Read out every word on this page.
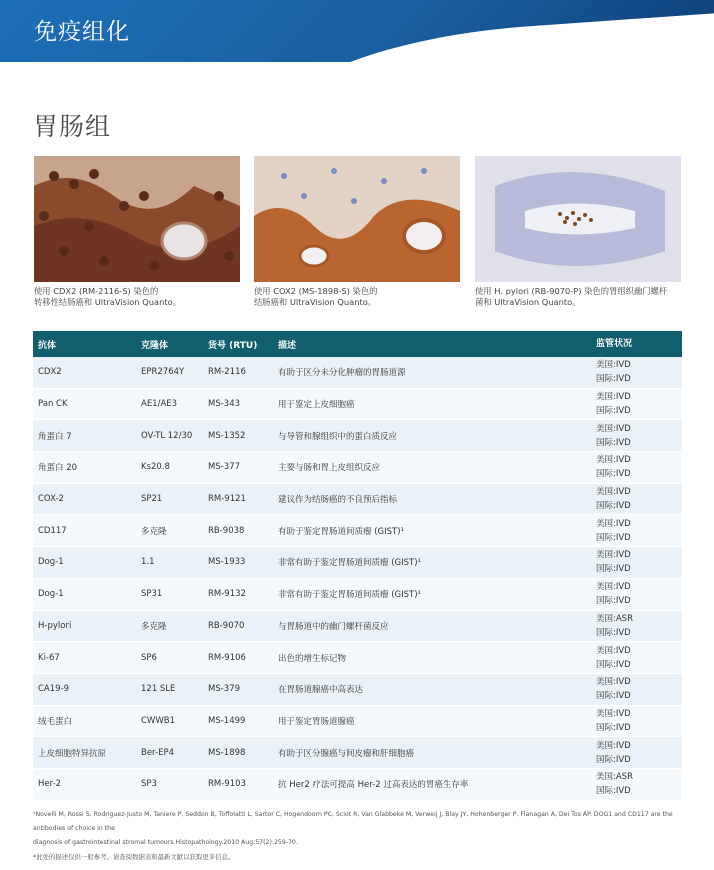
免疫组化
胃肠组
使用 CDX2 (RM-2116-S) 染色的
转移性结肠癌和 UltraVision Quanto。
使用 COX2 (MS-1898-S) 染色的
结肠癌和 UltraVision Quanto。
使用 H. pylori (RB-9070-P) 染色的胃组织幽门螺杆
菌和 UltraVision Quanto。
抗体	克隆体	货号 (RTU)	描述	监管状况
CDX2	EPR2764Y	RM-2116	有助于区分未分化肿瘤的胃肠道源
美国:IVD
国际:IVD
Pan CK	AE1/AE3	MS-343	用于鉴定上皮细胞癌
美国:IVD
国际:IVD
角蛋白 7	OV-TL 12/30	MS-1352	与导管和腺组织中的蛋白质反应
美国:IVD
国际:IVD
角蛋白 20	Ks20.8	MS-377	主要与肠和胃上皮组织反应
美国:IVD
国际:IVD
COX-2	SP21	RM-9121	建议作为结肠癌的不良预后指标
美国:IVD
国际:IVD
CD117	多克隆	RB-9038	有助于鉴定胃肠道间质瘤 (GIST)¹
美国:IVD
国际:IVD
Dog-1	1.1	MS-1933	非常有助于鉴定胃肠道间质瘤 (GIST)¹
美国:IVD
国际:IVD
Dog-1	SP31	RM-9132	非常有助于鉴定胃肠道间质瘤 (GIST)¹
美国:IVD
国际:IVD
H-pylori	多克隆	RB-9070	与胃肠道中的幽门螺杆菌反应
美国:ASR
国际:IVD
Ki-67	SP6	RM-9106	出色的增生标记物
美国:IVD
国际:IVD
CA19-9	121 SLE	MS-379	在胃肠道腺癌中高表达
美国:IVD
国际:IVD
绒毛蛋白	CWWB1	MS-1499	用于鉴定胃肠道腺癌
美国:IVD
国际:IVD
上皮细胞特异抗原	Ber-EP4	MS-1898	有助于区分腺癌与间皮瘤和肝细胞癌
美国:IVD
国际:IVD
Her-2	SP3	RM-9103	抗 Her2 疗法可提高 Her-2 过高表达的胃癌生存率
美国:ASR
国际:IVD
¹Novelli M, Rossi S, Rodriguez-Justo M, Taniere P, Seddon B, Toffolatti L, Sartor C, Hogendoorn PC, Sciot R, Van Glabbeke M, Verweij J, Blay JY, Hohenberger P, Flanagan A, Dei Tos AP. DOG1 and CD117 are the antibodies of choice in the
diagnosis of gastrointestinal stromal tumours.Histopathology.2010 Aug;57(2):259-70.
*此处的描述仅供一般参考。请查阅数据表和最新文献以获取更多信息。
